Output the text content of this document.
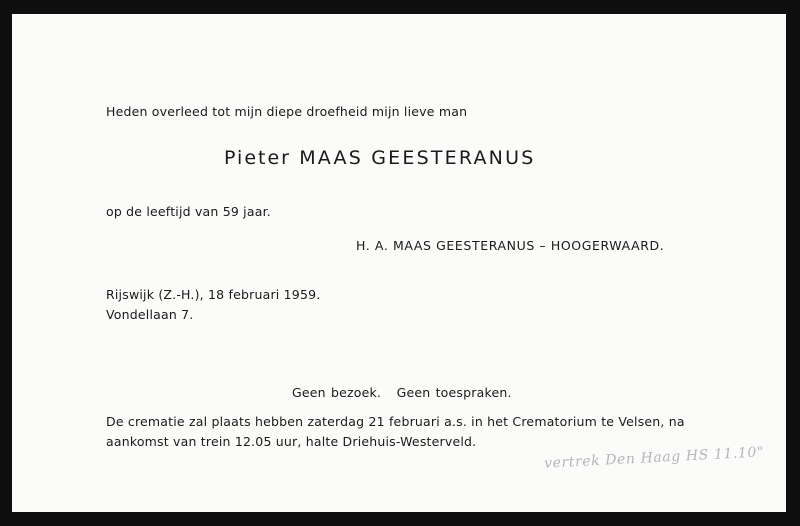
Heden overleed tot mijn diepe droefheid mijn lieve man
Pieter MAAS GEESTERANUS
op de leeftijd van 59 jaar.
H. A. MAAS GEESTERANUS – HOOGERWAARD.
Rijswijk (Z.-H.), 18 februari 1959.
Vondellaan 7.
Geen bezoek.   Geen toespraken.
De crematie zal plaats hebben zaterdag 21 februari a.s. in het Crematorium te Velsen, na
aankomst van trein 12.05 uur, halte Driehuis-Westerveld.
vertrek Den Haag HS 11.10"
